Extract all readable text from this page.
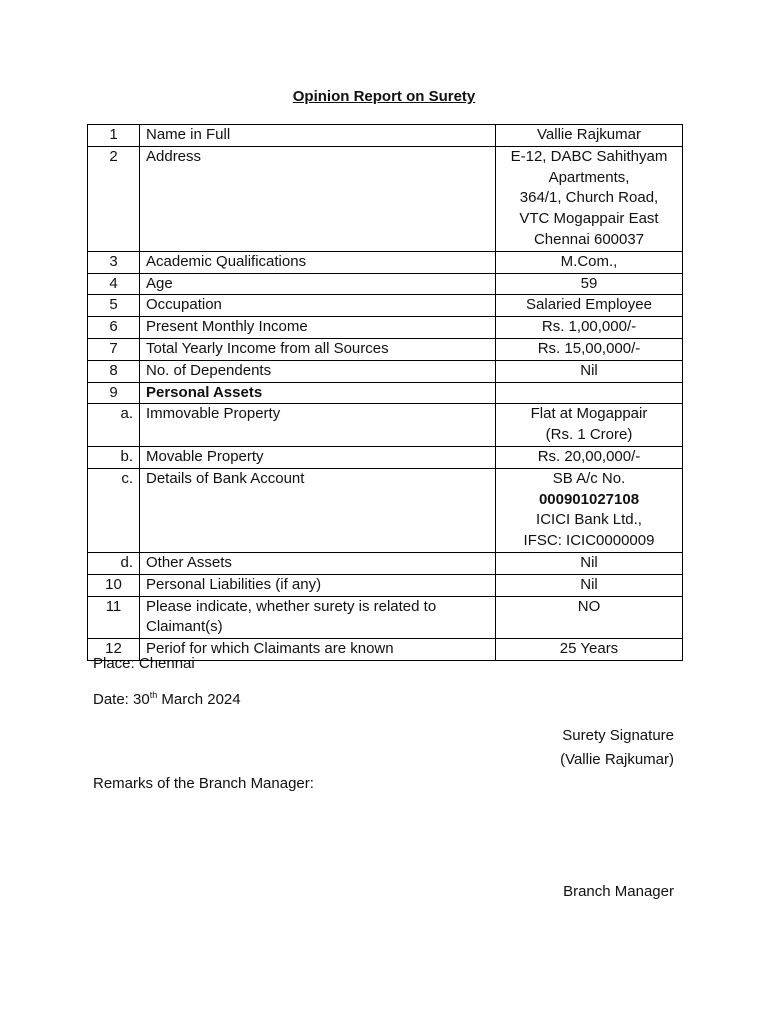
Opinion Report on Surety
1	Name in Full	Vallie Rajkumar

2	Address	E-12, DABC Sahithyam
Apartments,
364/1, Church Road,
VTC Mogappair East
Chennai 600037

3	Academic Qualifications	M.Com.,

4	Age	59

5	Occupation	Salaried Employee

6	Present Monthly Income	Rs. 1,00,000/-

7	Total Yearly Income from all Sources	Rs. 15,00,000/-

8	No. of Dependents	Nil

9	Personal Assets	
a.	Immovable Property	Flat at Mogappair
(Rs. 1 Crore)

b.	Movable Property	Rs. 20,00,000/-

c.	Details of Bank Account	SB A/c No.
000901027108
ICICI Bank Ltd.,
IFSC: ICIC0000009

d.	Other Assets	Nil

10	Personal Liabilities (if any)	Nil

11	Please indicate, whether surety is related to Claimant(s)	NO

12	Periof for which Claimants are known	25 Years
Place: Chennai
Date: 30th March 2024
Surety Signature
(Vallie Rajkumar)
Remarks of the Branch Manager:
Branch Manager
